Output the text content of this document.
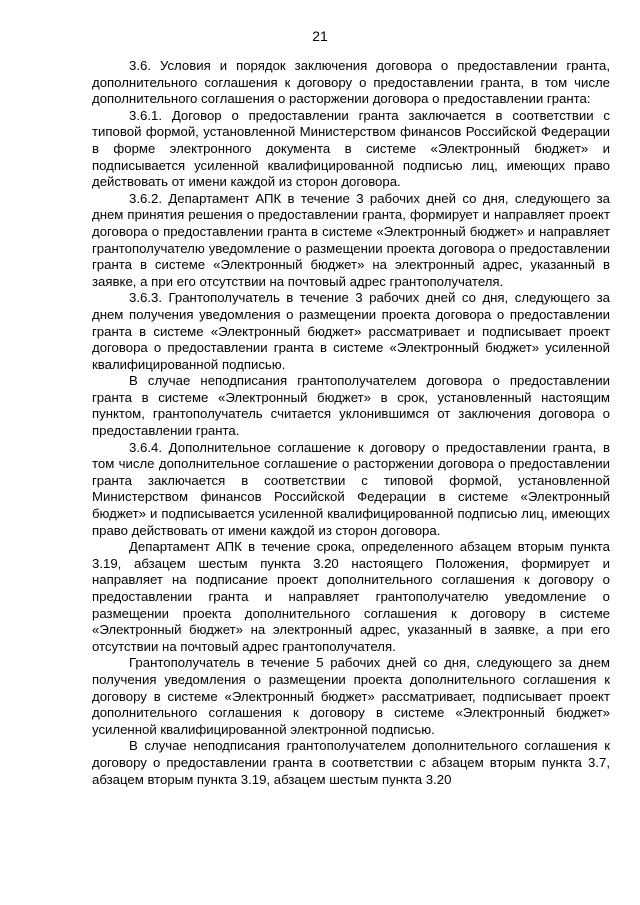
21

3.6. Условия и порядок заключения договора о предоставлении гранта, дополнительного соглашения к договору о предоставлении гранта, в том числе дополнительного соглашения о расторжении договора о предоставлении гранта:

3.6.1. Договор о предоставлении гранта заключается в соответствии с типовой формой, установленной Министерством финансов Российской Федерации в форме электронного документа в системе «Электронный бюджет» и подписывается усиленной квалифицированной подписью лиц, имеющих право действовать от имени каждой из сторон договора.

3.6.2. Департамент АПК в течение 3 рабочих дней со дня, следующего за днем принятия решения о предоставлении гранта, формирует и направляет проект договора о предоставлении гранта в системе «Электронный бюджет» и направляет грантополучателю уведомление о размещении проекта договора о предоставлении гранта в системе «Электронный бюджет» на электронный адрес, указанный в заявке, а при его отсутствии на почтовый адрес грантополучателя.

3.6.3. Грантополучатель в течение 3 рабочих дней со дня, следующего за днем получения уведомления о размещении проекта договора о предоставлении гранта в системе «Электронный бюджет» рассматривает и подписывает проект договора о предоставлении гранта в системе «Электронный бюджет» усиленной квалифицированной подписью.

В случае неподписания грантополучателем договора о предоставлении гранта в системе «Электронный бюджет» в срок, установленный настоящим пунктом, грантополучатель считается уклонившимся от заключения договора о предоставлении гранта.

3.6.4. Дополнительное соглашение к договору о предоставлении гранта, в том числе дополнительное соглашение о расторжении договора о предоставлении гранта заключается в соответствии с типовой формой, установленной Министерством финансов Российской Федерации в системе «Электронный бюджет» и подписывается усиленной квалифицированной подписью лиц, имеющих право действовать от имени каждой из сторон договора.

Департамент АПК в течение срока, определенного абзацем вторым пункта 3.19, абзацем шестым пункта 3.20 настоящего Положения, формирует и направляет на подписание проект дополнительного соглашения к договору о предоставлении гранта и направляет грантополучателю уведомление о размещении проекта дополнительного соглашения к договору в системе «Электронный бюджет» на электронный адрес, указанный в заявке, а при его отсутствии на почтовый адрес грантополучателя.

Грантополучатель в течение 5 рабочих дней со дня, следующего за днем получения уведомления о размещении проекта дополнительного соглашения к договору в системе «Электронный бюджет» рассматривает, подписывает проект дополнительного соглашения к договору в системе «Электронный бюджет» усиленной квалифицированной электронной подписью.

В случае неподписания грантополучателем дополнительного соглашения к договору о предоставлении гранта в соответствии с абзацем вторым пункта 3.7, абзацем вторым пункта 3.19, абзацем шестым пункта 3.20
